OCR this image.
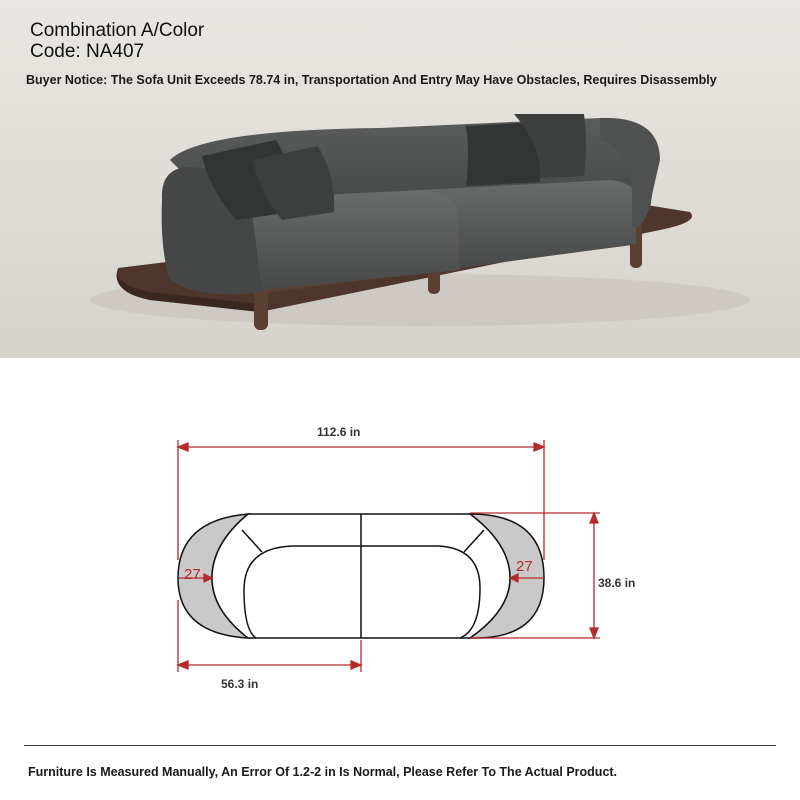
Combination A/Color
Code: NA407
Buyer Notice: The Sofa Unit Exceeds 78.74 in, Transportation And Entry May Have Obstacles, Requires Disassembly
112.6 in
38.6 in
56.3 in
27	27
Furniture Is Measured Manually, An Error Of 1.2-2 in Is Normal, Please Refer To The Actual Product.
